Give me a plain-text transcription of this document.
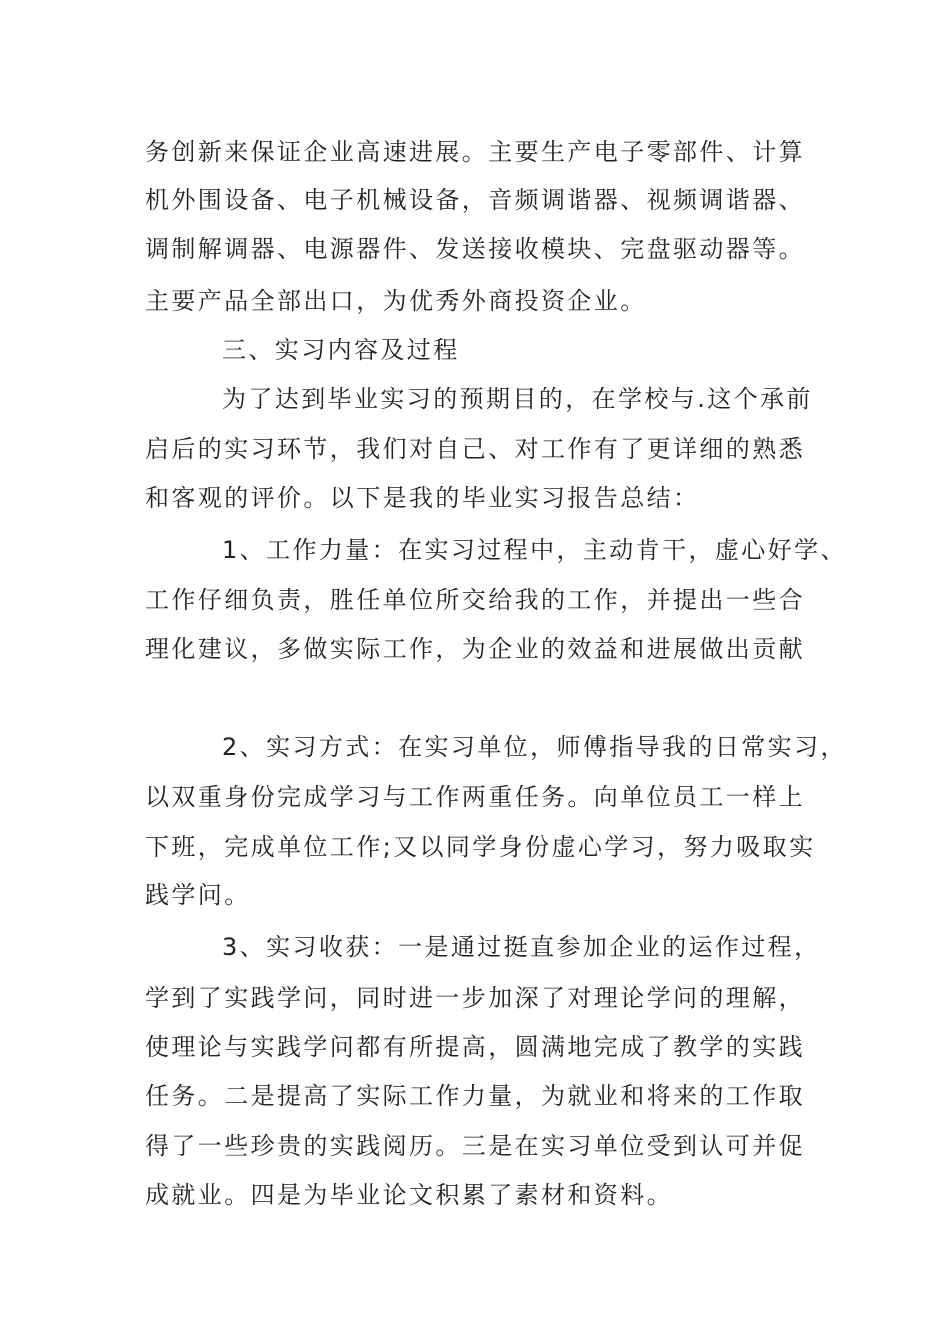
务创新来保证企业高速进展。主要生产电子零部件、计算
机外围设备、电子机械设备，音频调谐器、视频调谐器、
调制解调器、电源器件、发送接收模块、完盘驱动器等。
主要产品全部出口，为优秀外商投资企业。
三、实习内容及过程
为了达到毕业实习的预期目的，在学校与.这个承前
启后的实习环节，我们对自己、对工作有了更详细的熟悉
和客观的评价。以下是我的毕业实习报告总结：
1、工作力量：在实习过程中，主动肯干，虚心好学、
工作仔细负责，胜任单位所交给我的工作，并提出一些合
理化建议，多做实际工作，为企业的效益和进展做出贡献
2、实习方式：在实习单位，师傅指导我的日常实习，
以双重身份完成学习与工作两重任务。向单位员工一样上
下班，完成单位工作;又以同学身份虚心学习，努力吸取实
践学问。
3、实习收获：一是通过挺直参加企业的运作过程，
学到了实践学问，同时进一步加深了对理论学问的理解，
使理论与实践学问都有所提高，圆满地完成了教学的实践
任务。二是提高了实际工作力量，为就业和将来的工作取
得了一些珍贵的实践阅历。三是在实习单位受到认可并促
成就业。四是为毕业论文积累了素材和资料。
